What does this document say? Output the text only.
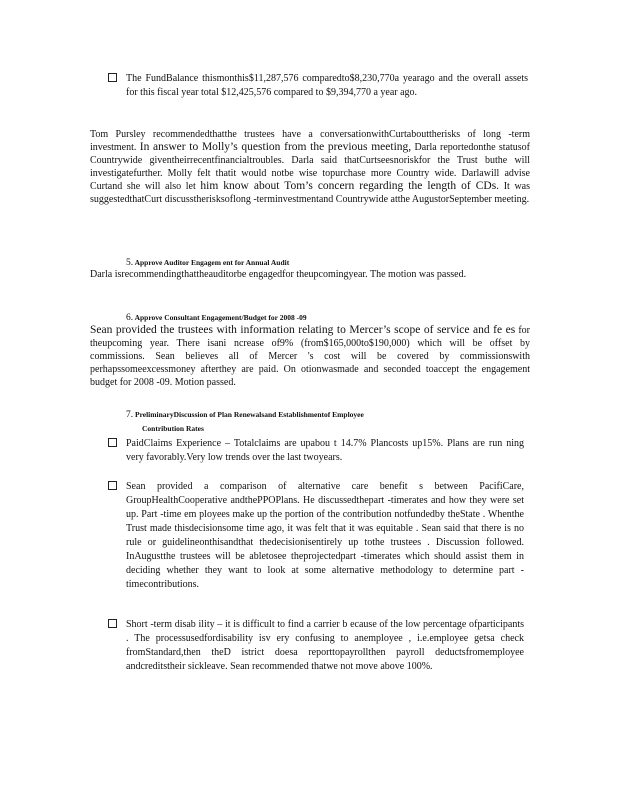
The FundBalance thismonthis$11,287,576 comparedto$8,230,770a yearago and the overall assets for this fiscal year total $12,425,576 compared to $9,394,770 a year ago.
Tom Pursley recommendedthatthe trustees have a conversationwithCurtabouttherisks of long -term investment. In answer to Molly’s question from the previous meeting, Darla reportedonthe statusof Countrywide giventheirrecentfinancialtroubles. Darla said thatCurtseesnoriskfor the Trust buthe will investigatefurther. Molly felt thatit would notbe wise topurchase more Country wide. Darlawill advise Curtand she will also let him know about Tom’s concern regarding the length of CDs. It was suggestedthatCurt discusstherisksoflong -terminvestmentand Countrywide atthe AugustorSeptember meeting.
5. Approve Auditor Engagem ent for Annual Audit
Darla isrecommendingthattheauditorbe engagedfor theupcomingyear. The motion was passed.
6. Approve Consultant Engagement/Budget for 2008 -09
Sean provided the trustees with information relating to Mercer’s scope of service and fe es for theupcoming year. There isani ncrease of9% (from$165,000to$190,000) which will be offset by commissions. Sean believes all of Mercer 's cost will be covered by commissionswith perhapssomeexcessmoney afterthey are paid. On otionwasmade and seconded toaccept the engagement budget for 2008 -09. Motion passed.
7. PreliminaryDiscussion of Plan Renewalsand Establishmentof Employee
Contribution Rates
PaidClaims Experience – Totalclaims are upabou t 14.7% Plancosts up15%. Plans are run ning very favorably.Very low trends over the last twoyears.
Sean provided a comparison of alternative care benefit s between PacifiCare, GroupHealthCooperative andthePPOPlans. He discussedthepart -timerates and how they were set up. Part -time em ployees make up the portion of the contribution notfundedby theState . Whenthe Trust made thisdecisionsome time ago, it was felt that it was equitable . Sean said that there is no rule or guidelineonthisandthat thedecisionisentirely up tothe trustees . Discussion followed. InAugustthe trustees will be abletosee theprojectedpart -timerates which should assist them in deciding whether they want to look at some alternative methodology to determine part -timecontributions.
Short -term disab ility – it is difficult to find a carrier b ecause of the low percentage ofparticipants . The processusedfordisability isv ery confusing to anemployee , i.e.employee getsa check fromStandard,then theD istrict doesa reporttopayrollthen payroll deductsfromemployee andcreditstheir sickleave. Sean recommended thatwe not move above 100%.
